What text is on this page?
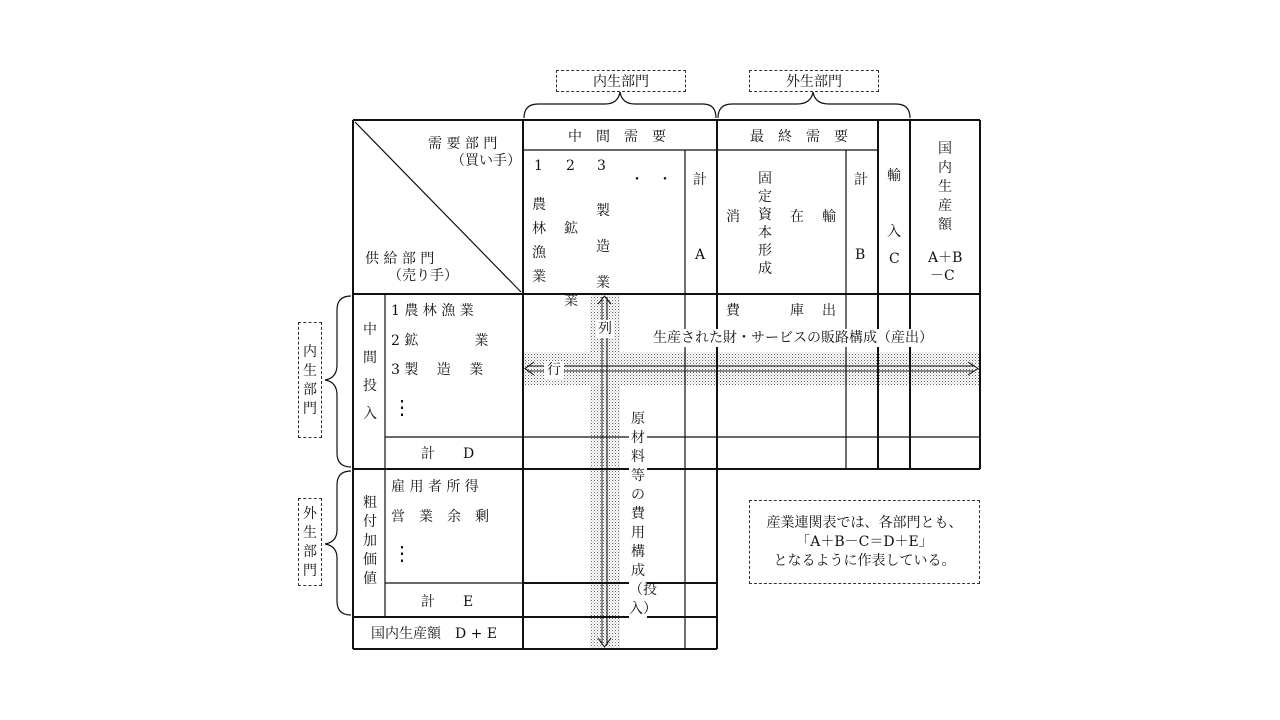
内生部門	外生部門
内生部門
外生部門
需 要 部 門
（買い手）
供 給 部 門
（売り手）
中　間　需　要	最　終　需　要
1 2 3
・・
農林漁業
鉱業
製造業
計
A
消費
固定資本形成
在庫
輸出
計
B
輸入
C
国内生産額
A＋B
－C
中間投入
1 農 林 漁 業
2 鉱　　　　業
3 製　 造　 業
⋮
計　　D
粗付加価値
雇 用 者 所 得
営　業　余　剰
⋮
計　　E
国内生産額　D + E
列
行
生産された財・サービスの販路構成（産出）
原材料等の費用構成（投入）
産業連関表では、各部門とも、
「A＋B－C＝D＋E」
となるように作表している。
